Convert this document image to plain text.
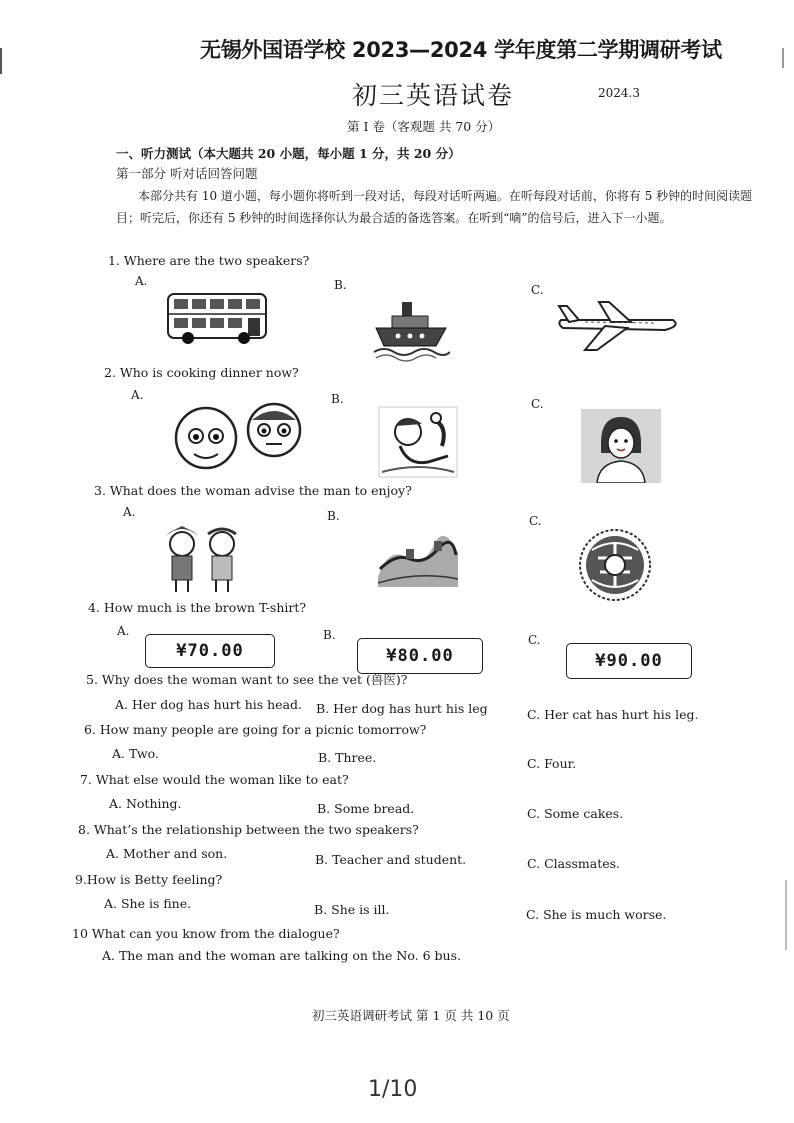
无锡外国语学校 2023—2024 学年度第二学期调研考试
初三英语试卷	2024.3
第 I 卷（客观题 共 70 分）
一、听力测试（本大题共 20 小题，每小题 1 分，共 20 分）
第一部分 听对话回答问题
本部分共有 10 道小题，每小题你将听到一段对话，每段对话听两遍。在听每段对话前，你将有 5 秒钟的时间阅读题目；听完后，你还有 5 秒钟的时间选择你认为最合适的备选答案。在听到“嘀”的信号后，进入下一小题。
1. Where are the two speakers?
A.	B.	C.
2. Who is cooking dinner now?
A.	B.	C.
3. What does the woman advise the man to enjoy?
A.	B.	C.
4. How much is the brown T-shirt?
A.	B.	C.
¥70.00	¥80.00	¥90.00
5. Why does the woman want to see the vet (兽医)?
A. Her dog has hurt his head. B. Her dog has hurt his leg	C. Her cat has hurt his leg.
6. How many people are going for a picnic tomorrow?
A. Two.	B. Three.	C. Four.
7. What else would the woman like to eat?
A. Nothing.	B. Some bread.	C. Some cakes.
8. What’s the relationship between the two speakers?
A. Mother and son.	B. Teacher and student.	C. Classmates.
9.How is Betty feeling?
A. She is fine.	B. She is ill.	C. She is much worse.
10 What can you know from the dialogue?
A. The man and the woman are talking on the No. 6 bus.
初三英语调研考试 第 1 页 共 10 页
1/10
